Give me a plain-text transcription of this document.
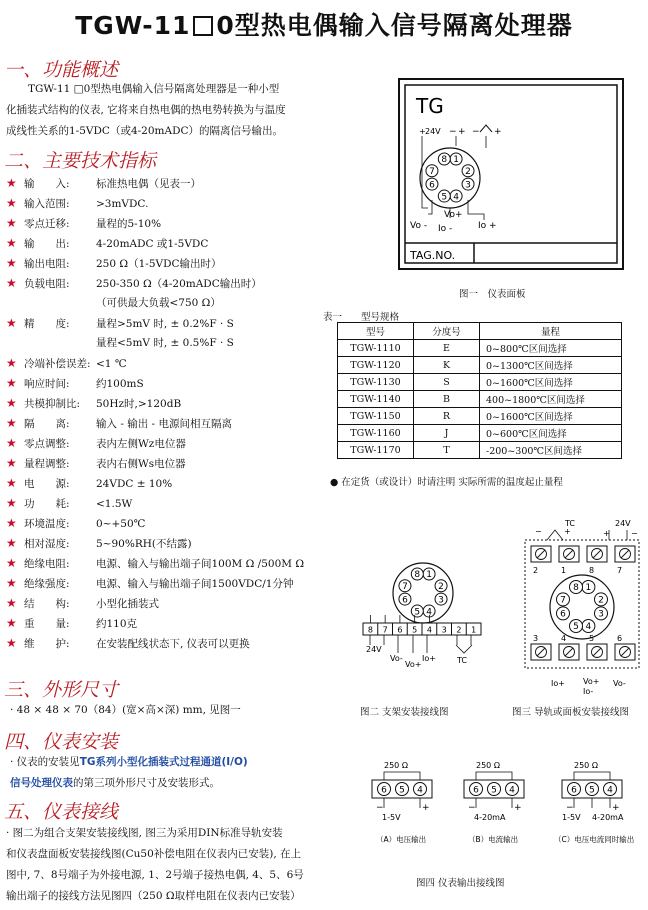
TGW-11 0型热电偶输入信号隔离处理器
一、功能概述
TGW-11 □0型热电偶输入信号隔离处理器是一种小型
化插装式结构的仪表, 它将来自热电偶的热电势转换为与温度
成线性关系的1-5VDC（或4-20mADC）的隔离信号输出。
二、主要技术指标
★ 输　　入:	标准热电偶（见表一）
★ 输入范围:	>3mVDC.
★ 零点迁移:	量程的5-10%
★ 输　　出:	4-20mADC 或1-5VDC
★ 输出电阻:	250 Ω（1-5VDC输出时）
★ 负载电阻:	250-350 Ω（4-20mADC输出时）
（可供最大负载<750 Ω）
★ 精　　度:	量程>5mV 时, ± 0.2%F · S
量程<5mV 时, ± 0.5%F · S
★ 冷端补偿误差: <1 ℃
★ 响应时间:	约100mS
★ 共模抑制比: 50Hz时,>120dB
★ 隔　　离:	输入 - 输出 - 电源间相互隔离
★ 零点调整:	表内左侧Wz电位器
★ 量程调整:	表内右侧Ws电位器
★ 电　　源:	24VDC ± 10%
★ 功　　耗:	<1.5W
★ 环境温度:	0~+50℃
★ 相对湿度:	5~90%RH(不结露)
★ 绝缘电阻:	电源、输入与输出端子间100M Ω /500M Ω
★ 绝缘强度:	电源、输入与输出端子间1500VDC/1分钟
★ 结　　构:	小型化插装式
★ 重　　量:	约110克
★ 维　　护:	在安装配线状态下, 仪表可以更换
三、外形尺寸
· 48 × 48 × 70（84）(宽×高×深) mm, 见图一
四、仪表安装
· 仪表的安装见TG系列小型化插装式过程通道(I/O)
信号处理仪表的第三项外形尺寸及安装形式。
五、仪表接线
· 图二为组合支架安装接线图, 图三为采用DIN标准导轨安装
和仪表盘面板安装接线图(Cu50补偿电阻在仪表内已安装), 在上
图中, 7、8号端子为外接电源, 1、2号端子接热电偶, 4、5、6号
输出端子的接线方法见图四（250 Ω取样电阻在仪表内已安装）
TG
TAG.NO.
+ 24V − + − +
1
2
3
4
5
6
7
8
Vo -
Vo+
Io -	Io +
图一　仪表面板
表一　　 型号规格
型号	分度号	量程
TGW-1110	E	0~800℃区间选择
TGW-1120	K	0~1300℃区间选择
TGW-1130	S	0~1600℃区间选择
TGW-1140	B	400~1800℃区间选择
TGW-1150	R	0~1600℃区间选择
TGW-1160	J	0~600℃区间选择
TGW-1170	T	-200~300℃区间选择
● 在定货（或设计）时请注明 实际所需的温度起止量程
1
2
3
4
5
6
7
8
8 7 6 5 4 3 2 1
24V
Vo-
Vo+
Io+	TC
图二 支架安装接线图
TC	24V
−	+	+	−
2	1	8	7
3	4	5	6
1
2
3
4
5
6
7
8
Io+ Vo+
Io-
Vo-
图三 导轨或面板安装接线图
250 Ω
6 5 4
−	+
1-5V
（A）电压输出
250 Ω
6 5 4
−	+
4-20mA
（B）电流输出
250 Ω
6 5 4
−	+
1-5V 4-20mA
（C）电压电流同时输出
图四 仪表输出接线图
